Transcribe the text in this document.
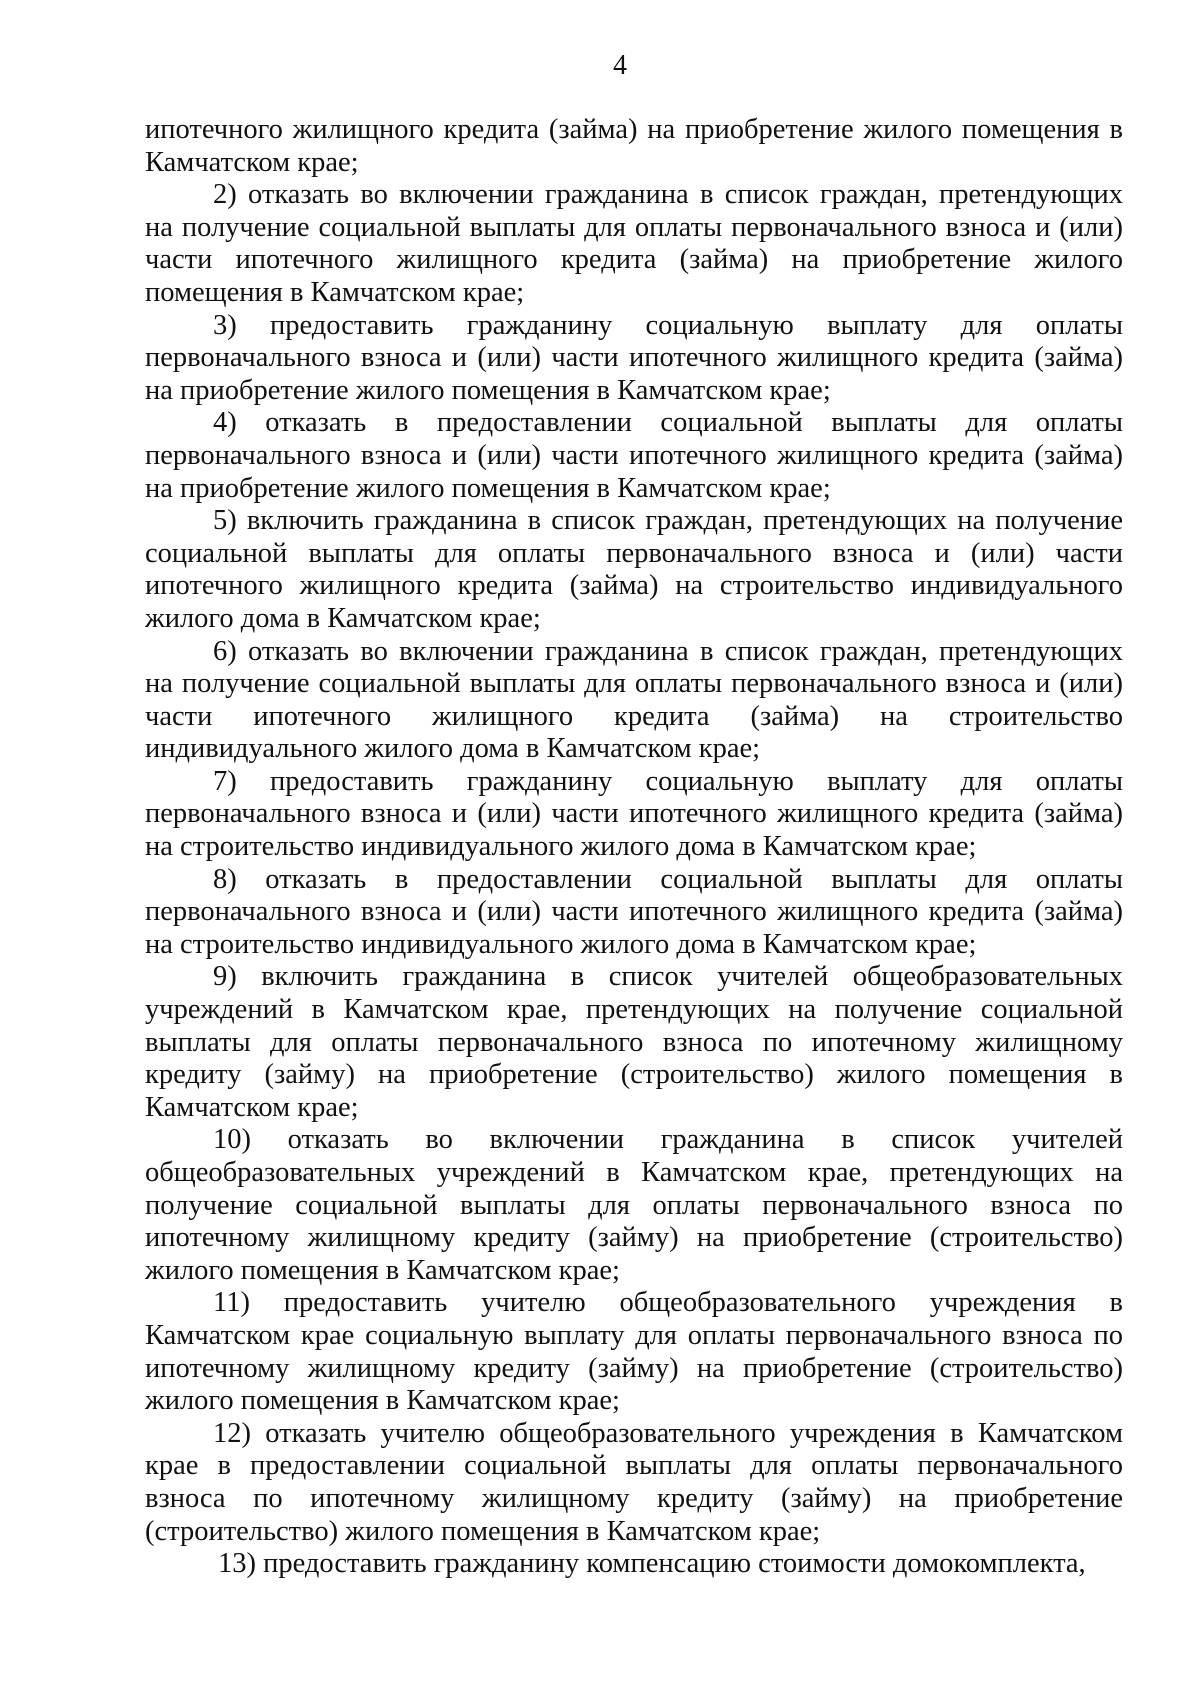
4

ипотечного жилищного кредита (займа) на приобретение жилого помещения в Камчатском крае;

2) отказать во включении гражданина в список граждан, претендующих на получение социальной выплаты для оплаты первоначального взноса и (или) части ипотечного жилищного кредита (займа) на приобретение жилого помещения в Камчатском крае;

3) предоставить гражданину социальную выплату для оплаты первоначального взноса и (или) части ипотечного жилищного кредита (займа) на приобретение жилого помещения в Камчатском крае;

4) отказать в предоставлении социальной выплаты для оплаты первоначального взноса и (или) части ипотечного жилищного кредита (займа) на приобретение жилого помещения в Камчатском крае;

5) включить гражданина в список граждан, претендующих на получение социальной выплаты для оплаты первоначального взноса и (или) части ипотечного жилищного кредита (займа) на строительство индивидуального жилого дома в Камчатском крае;

6) отказать во включении гражданина в список граждан, претендующих на получение социальной выплаты для оплаты первоначального взноса и (или) части ипотечного жилищного кредита (займа) на строительство индивидуального жилого дома в Камчатском крае;

7) предоставить гражданину социальную выплату для оплаты первоначального взноса и (или) части ипотечного жилищного кредита (займа) на строительство индивидуального жилого дома в Камчатском крае;

8) отказать в предоставлении социальной выплаты для оплаты первоначального взноса и (или) части ипотечного жилищного кредита (займа) на строительство индивидуального жилого дома в Камчатском крае;

9) включить гражданина в список учителей общеобразовательных учреждений в Камчатском крае, претендующих на получение социальной выплаты для оплаты первоначального взноса по ипотечному жилищному кредиту (займу) на приобретение (строительство) жилого помещения в Камчатском крае;

10) отказать во включении гражданина в список учителей общеобразовательных учреждений в Камчатском крае, претендующих на получение социальной выплаты для оплаты первоначального взноса по ипотечному жилищному кредиту (займу) на приобретение (строительство) жилого помещения в Камчатском крае;

11) предоставить учителю общеобразовательного учреждения в Камчатском крае социальную выплату для оплаты первоначального взноса по ипотечному жилищному кредиту (займу) на приобретение (строительство) жилого помещения в Камчатском крае;

12) отказать учителю общеобразовательного учреждения в Камчатском крае в предоставлении социальной выплаты для оплаты первоначального взноса по ипотечному жилищному кредиту (займу) на приобретение (строительство) жилого помещения в Камчатском крае;

13) предоставить гражданину компенсацию стоимости домокомплекта,
